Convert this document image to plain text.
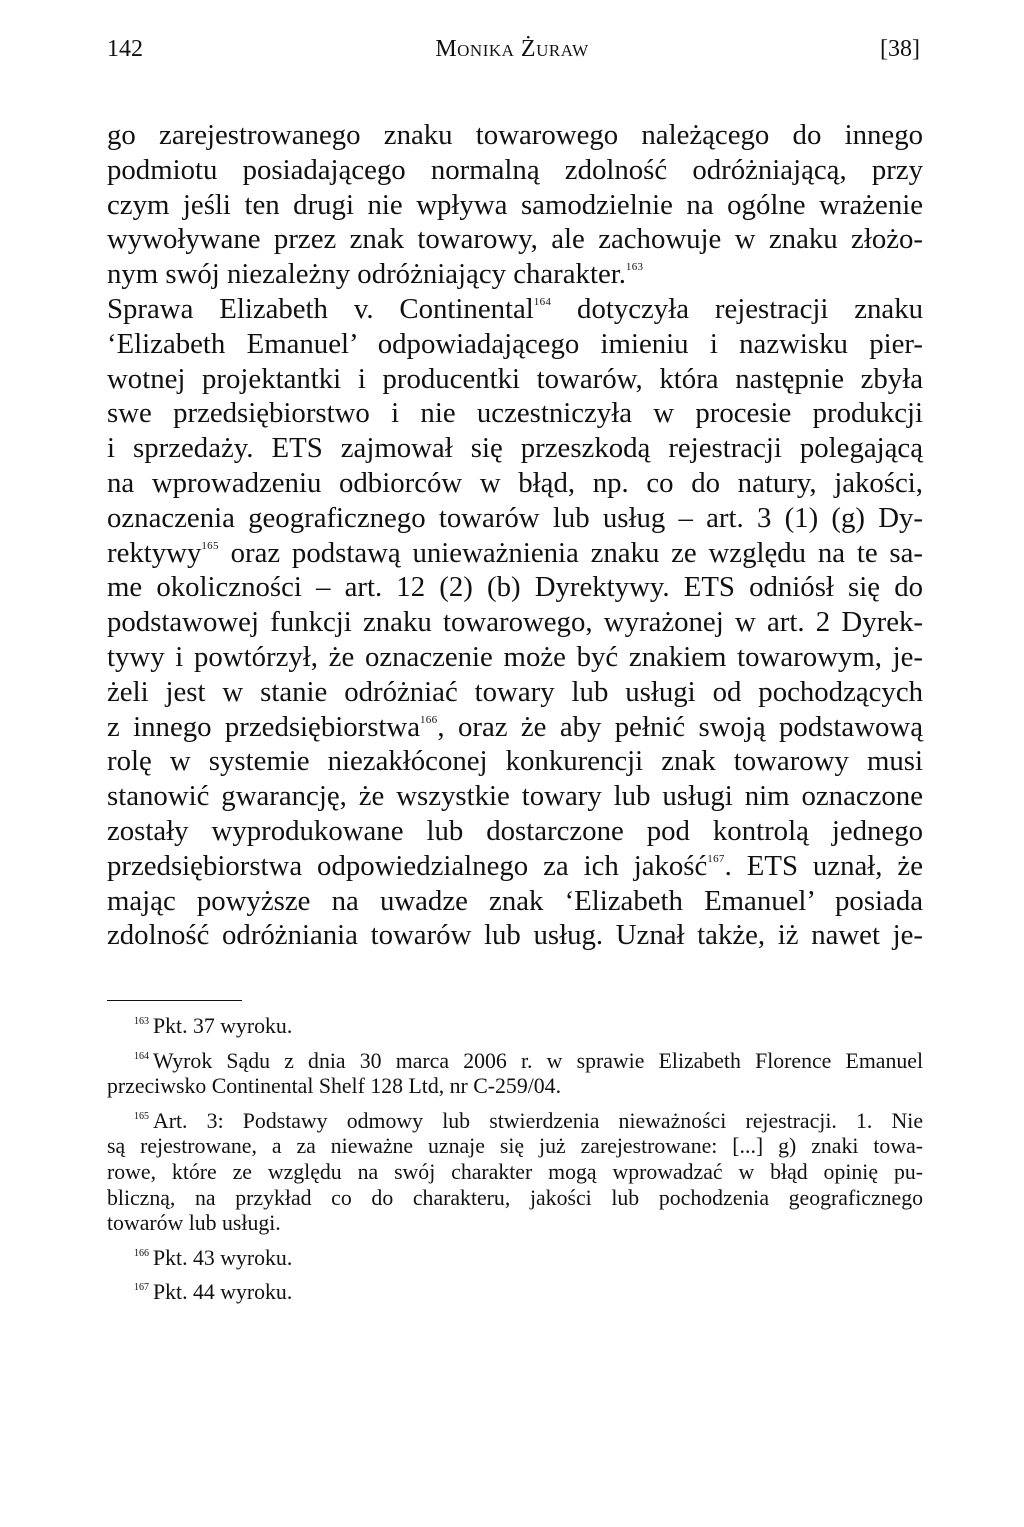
142	Monika Żuraw	[38]
go zarejestrowanego znaku towarowego należącego do innego
podmiotu posiadającego normalną zdolność odróżniającą, przy
czym jeśli ten drugi nie wpływa samodzielnie na ogólne wrażenie
wywoływane przez znak towarowy, ale zachowuje w znaku złożo-
nym swój niezależny odróżniający charakter.$^{163}$
Sprawa Elizabeth v. Continental$^{164}$ dotyczyła rejestracji znaku
‘Elizabeth Emanuel’ odpowiadającego imieniu i nazwisku pier-
wotnej projektantki i producentki towarów, która następnie zbyła
swe przedsiębiorstwo i nie uczestniczyła w procesie produkcji
i sprzedaży. ETS zajmował się przeszkodą rejestracji polegającą
na wprowadzeniu odbiorców w błąd, np. co do natury, jakości,
oznaczenia geograficznego towarów lub usług – art. 3 (1) (g) Dy-
rektywy$^{165}$ oraz podstawą unieważnienia znaku ze względu na te sa-
me okoliczności – art. 12 (2) (b) Dyrektywy. ETS odniósł się do
podstawowej funkcji znaku towarowego, wyrażonej w art. 2 Dyrek-
tywy i powtórzył, że oznaczenie może być znakiem towarowym, je-
żeli jest w stanie odróżniać towary lub usługi od pochodzących
z innego przedsiębiorstwa$^{166}$, oraz że aby pełnić swoją podstawową
rolę w systemie niezakłóconej konkurencji znak towarowy musi
stanowić gwarancję, że wszystkie towary lub usługi nim oznaczone
zostały wyprodukowane lub dostarczone pod kontrolą jednego
przedsiębiorstwa odpowiedzialnego za ich jakość$^{167}$. ETS uznał, że
mając powyższe na uwadze znak ‘Elizabeth Emanuel’ posiada
zdolność odróżniania towarów lub usług. Uznał także, iż nawet je-
$^{163}$ Pkt. 37 wyroku.
$^{164}$ Wyrok Sądu z dnia 30 marca 2006 r. w sprawie Elizabeth Florence Emanuel
przeciwsko Continental Shelf 128 Ltd, nr C-259/04.
$^{165}$ Art. 3: Podstawy odmowy lub stwierdzenia nieważności rejestracji. 1. Nie
są rejestrowane, a za nieważne uznaje się już zarejestrowane: [...] g) znaki towa-
rowe, które ze względu na swój charakter mogą wprowadzać w błąd opinię pu-
bliczną, na przykład co do charakteru, jakości lub pochodzenia geograficznego
towarów lub usługi.
$^{166}$ Pkt. 43 wyroku.
$^{167}$ Pkt. 44 wyroku.
